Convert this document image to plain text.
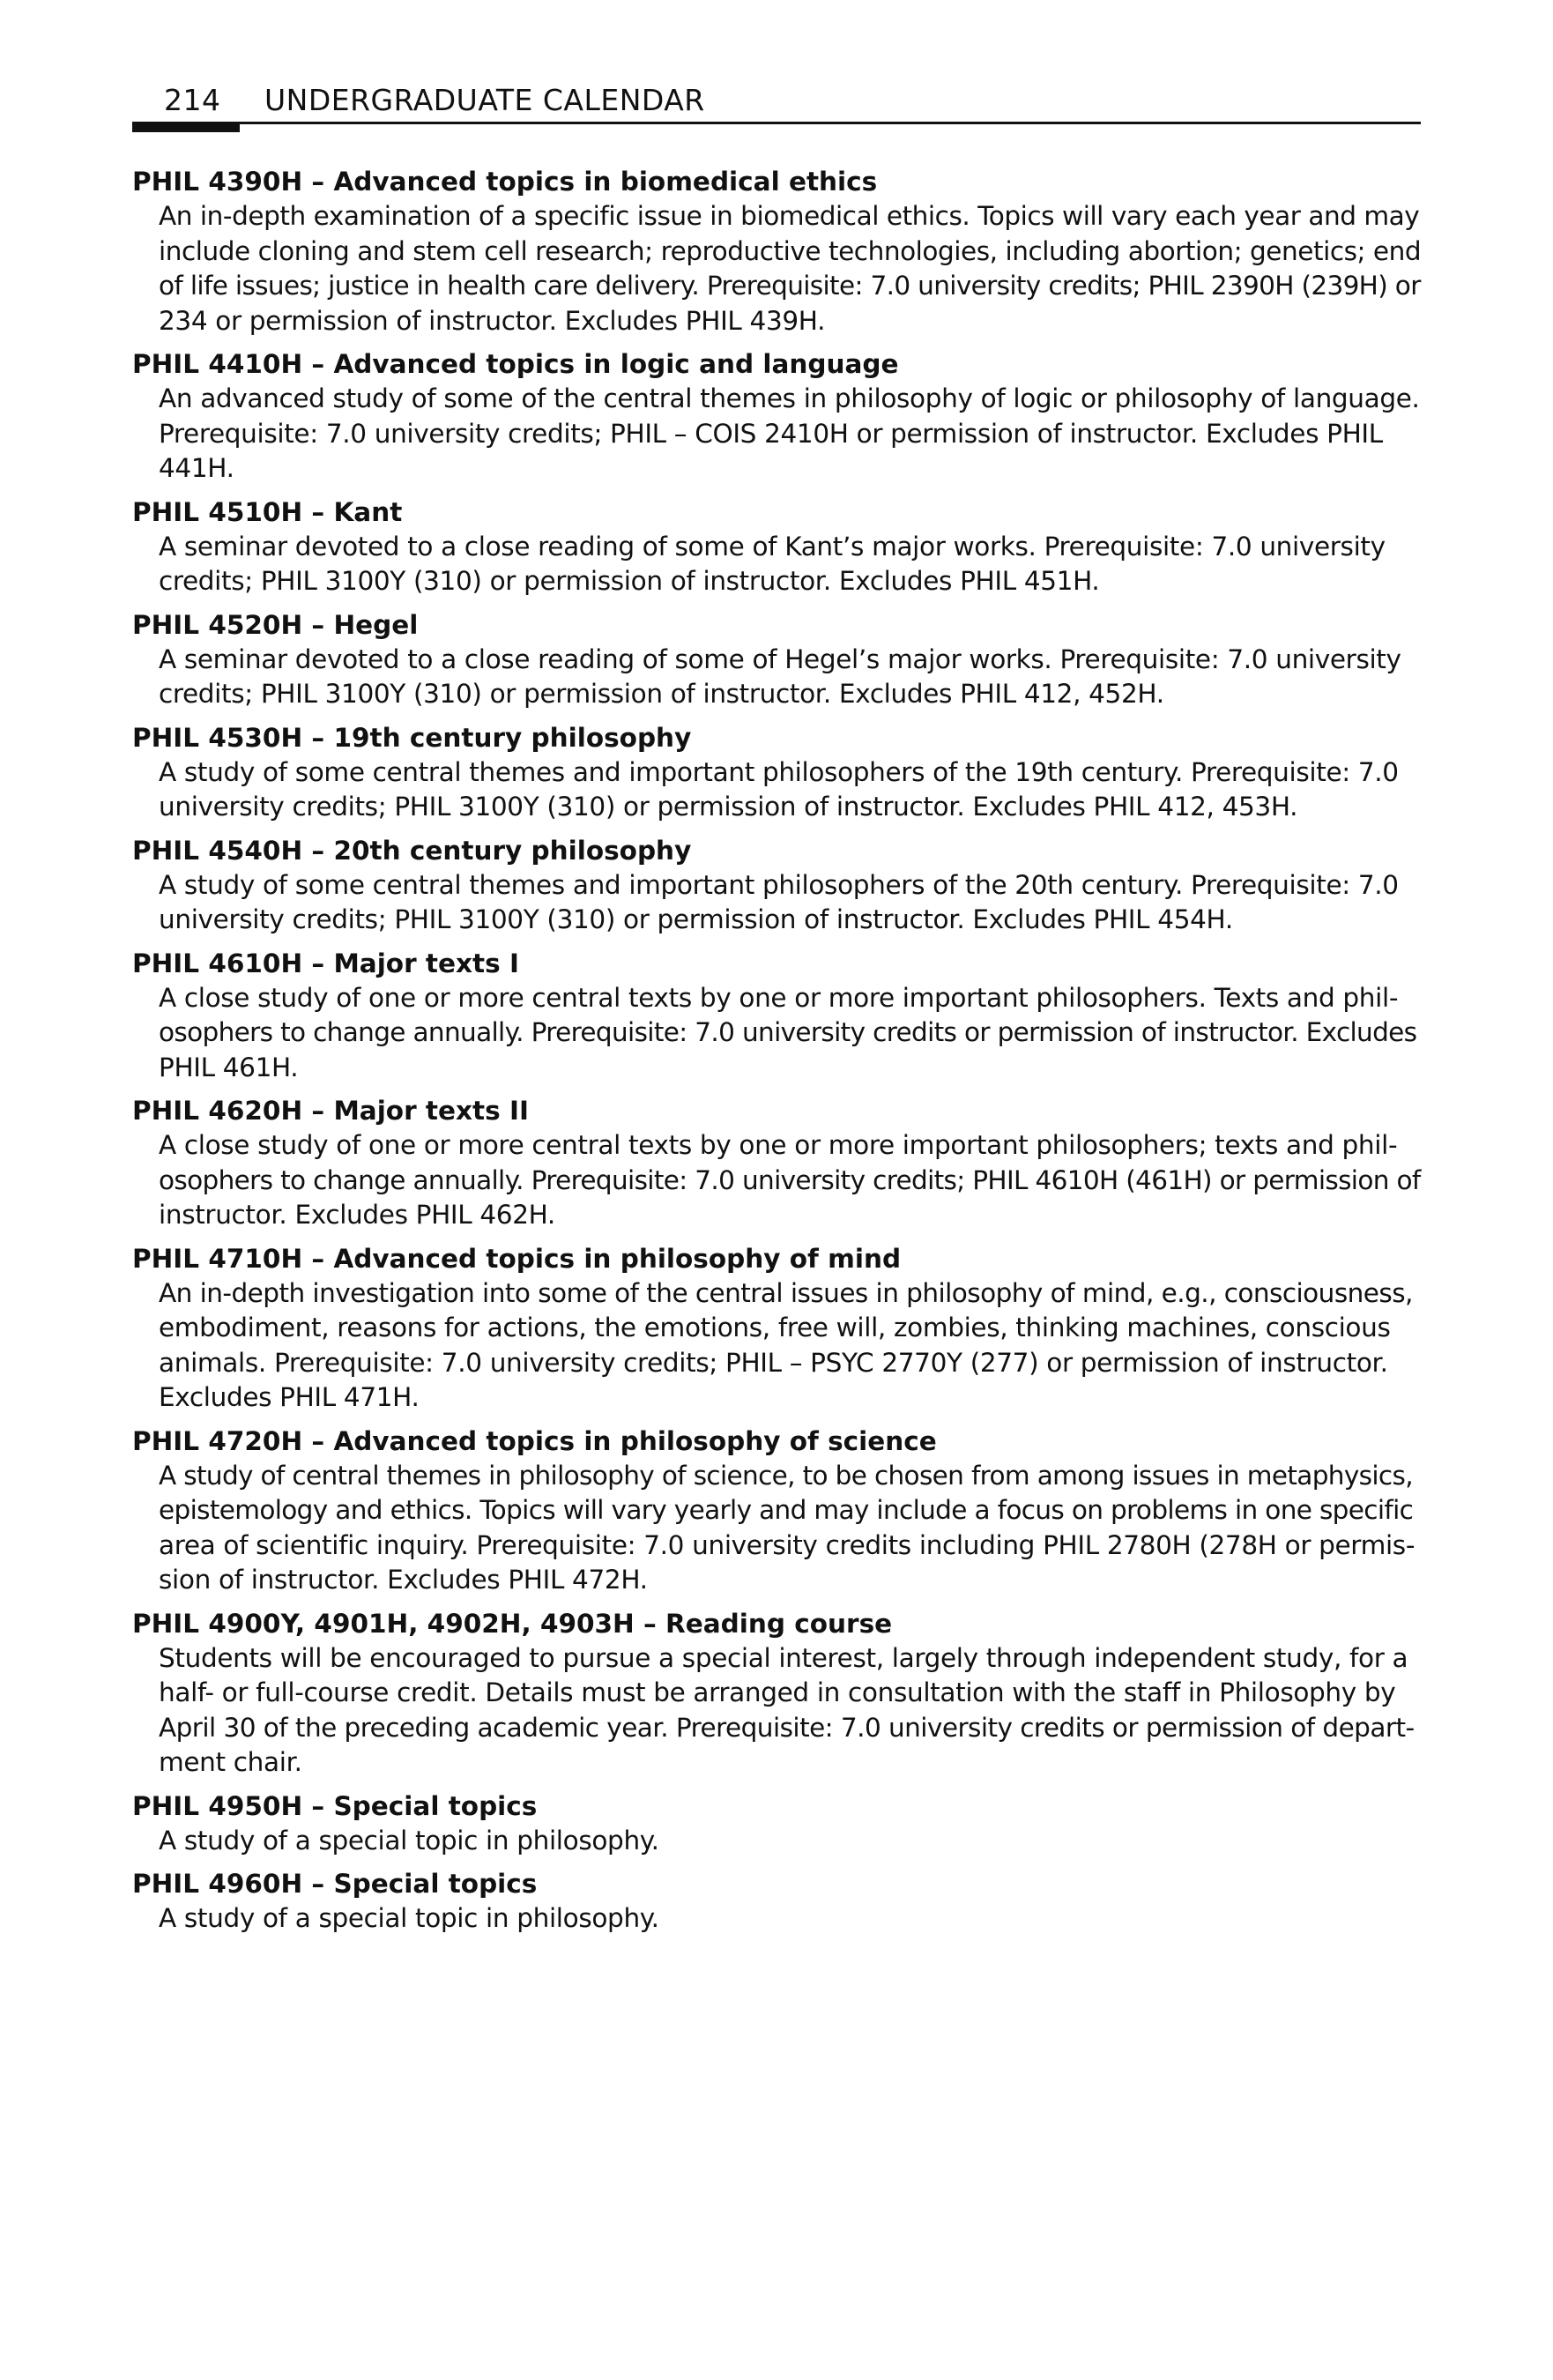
214 UNDERGRADUATE CALENDAR
PHIL 4390H – Advanced topics in biomedical ethics
An in-depth examination of a specific issue in biomedical ethics. Topics will vary each year and may
include cloning and stem cell research; reproductive technologies, including abortion; genetics; end
of life issues; justice in health care delivery. Prerequisite: 7.0 university credits; PHIL 2390H (239H) or
234 or permission of instructor. Excludes PHIL 439H.
PHIL 4410H – Advanced topics in logic and language
An advanced study of some of the central themes in philosophy of logic or philosophy of language.
Prerequisite: 7.0 university credits; PHIL – COIS 2410H or permission of instructor. Excludes PHIL
441H.
PHIL 4510H – Kant
A seminar devoted to a close reading of some of Kant’s major works. Prerequisite: 7.0 university
credits; PHIL 3100Y (310) or permission of instructor. Excludes PHIL 451H.
PHIL 4520H – Hegel
A seminar devoted to a close reading of some of Hegel’s major works. Prerequisite: 7.0 university
credits; PHIL 3100Y (310) or permission of instructor. Excludes PHIL 412, 452H.
PHIL 4530H – 19th century philosophy
A study of some central themes and important philosophers of the 19th century. Prerequisite: 7.0
university credits; PHIL 3100Y (310) or permission of instructor. Excludes PHIL 412, 453H.
PHIL 4540H – 20th century philosophy
A study of some central themes and important philosophers of the 20th century. Prerequisite: 7.0
university credits; PHIL 3100Y (310) or permission of instructor. Excludes PHIL 454H.
PHIL 4610H – Major texts I
A close study of one or more central texts by one or more important philosophers. Texts and phil-
osophers to change annually. Prerequisite: 7.0 university credits or permission of instructor. Excludes
PHIL 461H.
PHIL 4620H – Major texts II
A close study of one or more central texts by one or more important philosophers; texts and phil-
osophers to change annually. Prerequisite: 7.0 university credits; PHIL 4610H (461H) or permission of
instructor. Excludes PHIL 462H.
PHIL 4710H – Advanced topics in philosophy of mind
An in-depth investigation into some of the central issues in philosophy of mind, e.g., consciousness,
embodiment, reasons for actions, the emotions, free will, zombies, thinking machines, conscious
animals. Prerequisite: 7.0 university credits; PHIL – PSYC 2770Y (277) or permission of instructor.
Excludes PHIL 471H.
PHIL 4720H – Advanced topics in philosophy of science
A study of central themes in philosophy of science, to be chosen from among issues in metaphysics,
epistemology and ethics. Topics will vary yearly and may include a focus on problems in one specific
area of scientific inquiry. Prerequisite: 7.0 university credits including PHIL 2780H (278H or permis-
sion of instructor. Excludes PHIL 472H.
PHIL 4900Y, 4901H, 4902H, 4903H – Reading course
Students will be encouraged to pursue a special interest, largely through independent study, for a
half- or full-course credit. Details must be arranged in consultation with the staff in Philosophy by
April 30 of the preceding academic year. Prerequisite: 7.0 university credits or permission of depart-
ment chair.
PHIL 4950H – Special topics
A study of a special topic in philosophy.
PHIL 4960H – Special topics
A study of a special topic in philosophy.
